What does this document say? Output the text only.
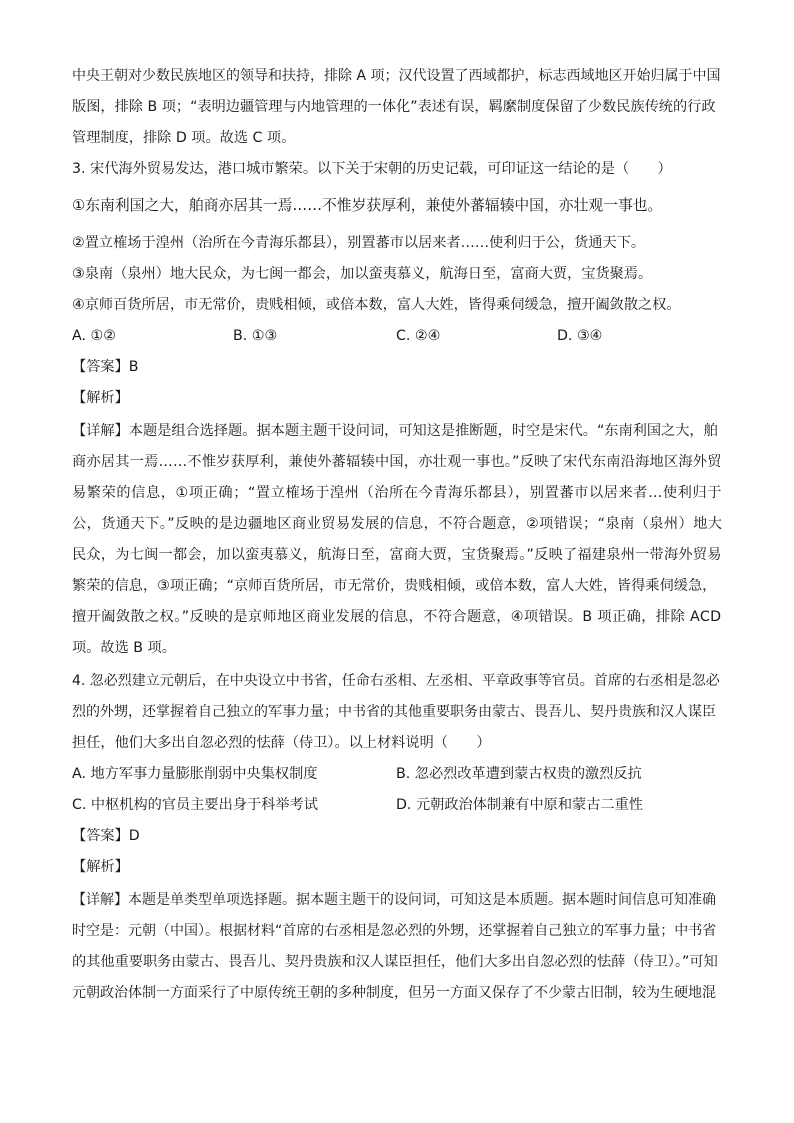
中央王朝对少数民族地区的领导和扶持，排除 A 项；汉代设置了西域都护，标志西域地区开始归属于中国
版图，排除 B 项；“表明边疆管理与内地管理的一体化”表述有误，羁縻制度保留了少数民族传统的行政
管理制度，排除 D 项。故选 C 项。
3. 宋代海外贸易发达，港口城市繁荣。以下关于宋朝的历史记载，可印证这一结论的是（　　）
①东南利国之大，舶商亦居其一焉……不惟岁获厚利，兼使外蕃辐辏中国，亦壮观一事也。
②置立榷场于湟州（治所在今青海乐都县），别置蕃市以居来者……使利归于公，货通天下。
③泉南（泉州）地大民众，为七闽一都会，加以蛮夷慕义，航海日至，富商大贾，宝货聚焉。
④京师百货所居，市无常价，贵贱相倾，或倍本数，富人大姓，皆得乘伺缓急，擅开阖敛散之权。
A. ①②	B. ①③	C. ②④	D. ③④
【答案】B
【解析】
【详解】本题是组合选择题。据本题主题干设问词，可知这是推断题，时空是宋代。“东南利国之大，舶
商亦居其一焉……不惟岁获厚利，兼使外蕃辐辏中国，亦壮观一事也。”反映了宋代东南沿海地区海外贸
易繁荣的信息，①项正确；“置立榷场于湟州（治所在今青海乐都县），别置蕃市以居来者…使利归于
公，货通天下。”反映的是边疆地区商业贸易发展的信息，不符合题意，②项错误；“泉南（泉州）地大
民众，为七闽一都会，加以蛮夷慕义，航海日至，富商大贾，宝货聚焉。”反映了福建泉州一带海外贸易
繁荣的信息，③项正确；“京师百货所居，市无常价，贵贱相倾，或倍本数，富人大姓，皆得乘伺缓急，
擅开阖敛散之权。”反映的是京师地区商业发展的信息，不符合题意，④项错误。B 项正确，排除 ACD
项。故选 B 项。
4. 忽必烈建立元朝后，在中央设立中书省，任命右丞相、左丞相、平章政事等官员。首席的右丞相是忽必
烈的外甥，还掌握着自己独立的军事力量；中书省的其他重要职务由蒙古、畏吾儿、契丹贵族和汉人谋臣
担任，他们大多出自忽必烈的怯薛（侍卫）。以上材料说明（　　）
A. 地方军事力量膨胀削弱中央集权制度	B. 忽必烈改革遭到蒙古权贵的激烈反抗
C. 中枢机构的官员主要出身于科举考试	D. 元朝政治体制兼有中原和蒙古二重性
【答案】D
【解析】
【详解】本题是单类型单项选择题。据本题主题干的设问词，可知这是本质题。据本题时间信息可知准确
时空是：元朝（中国）。根据材料“首席的右丞相是忽必烈的外甥，还掌握着自己独立的军事力量；中书省
的其他重要职务由蒙古、畏吾儿、契丹贵族和汉人谋臣担任，他们大多出自忽必烈的怯薛（侍卫）。”可知
元朝政治体制一方面采行了中原传统王朝的多种制度，但另一方面又保存了不少蒙古旧制，较为生硬地混
